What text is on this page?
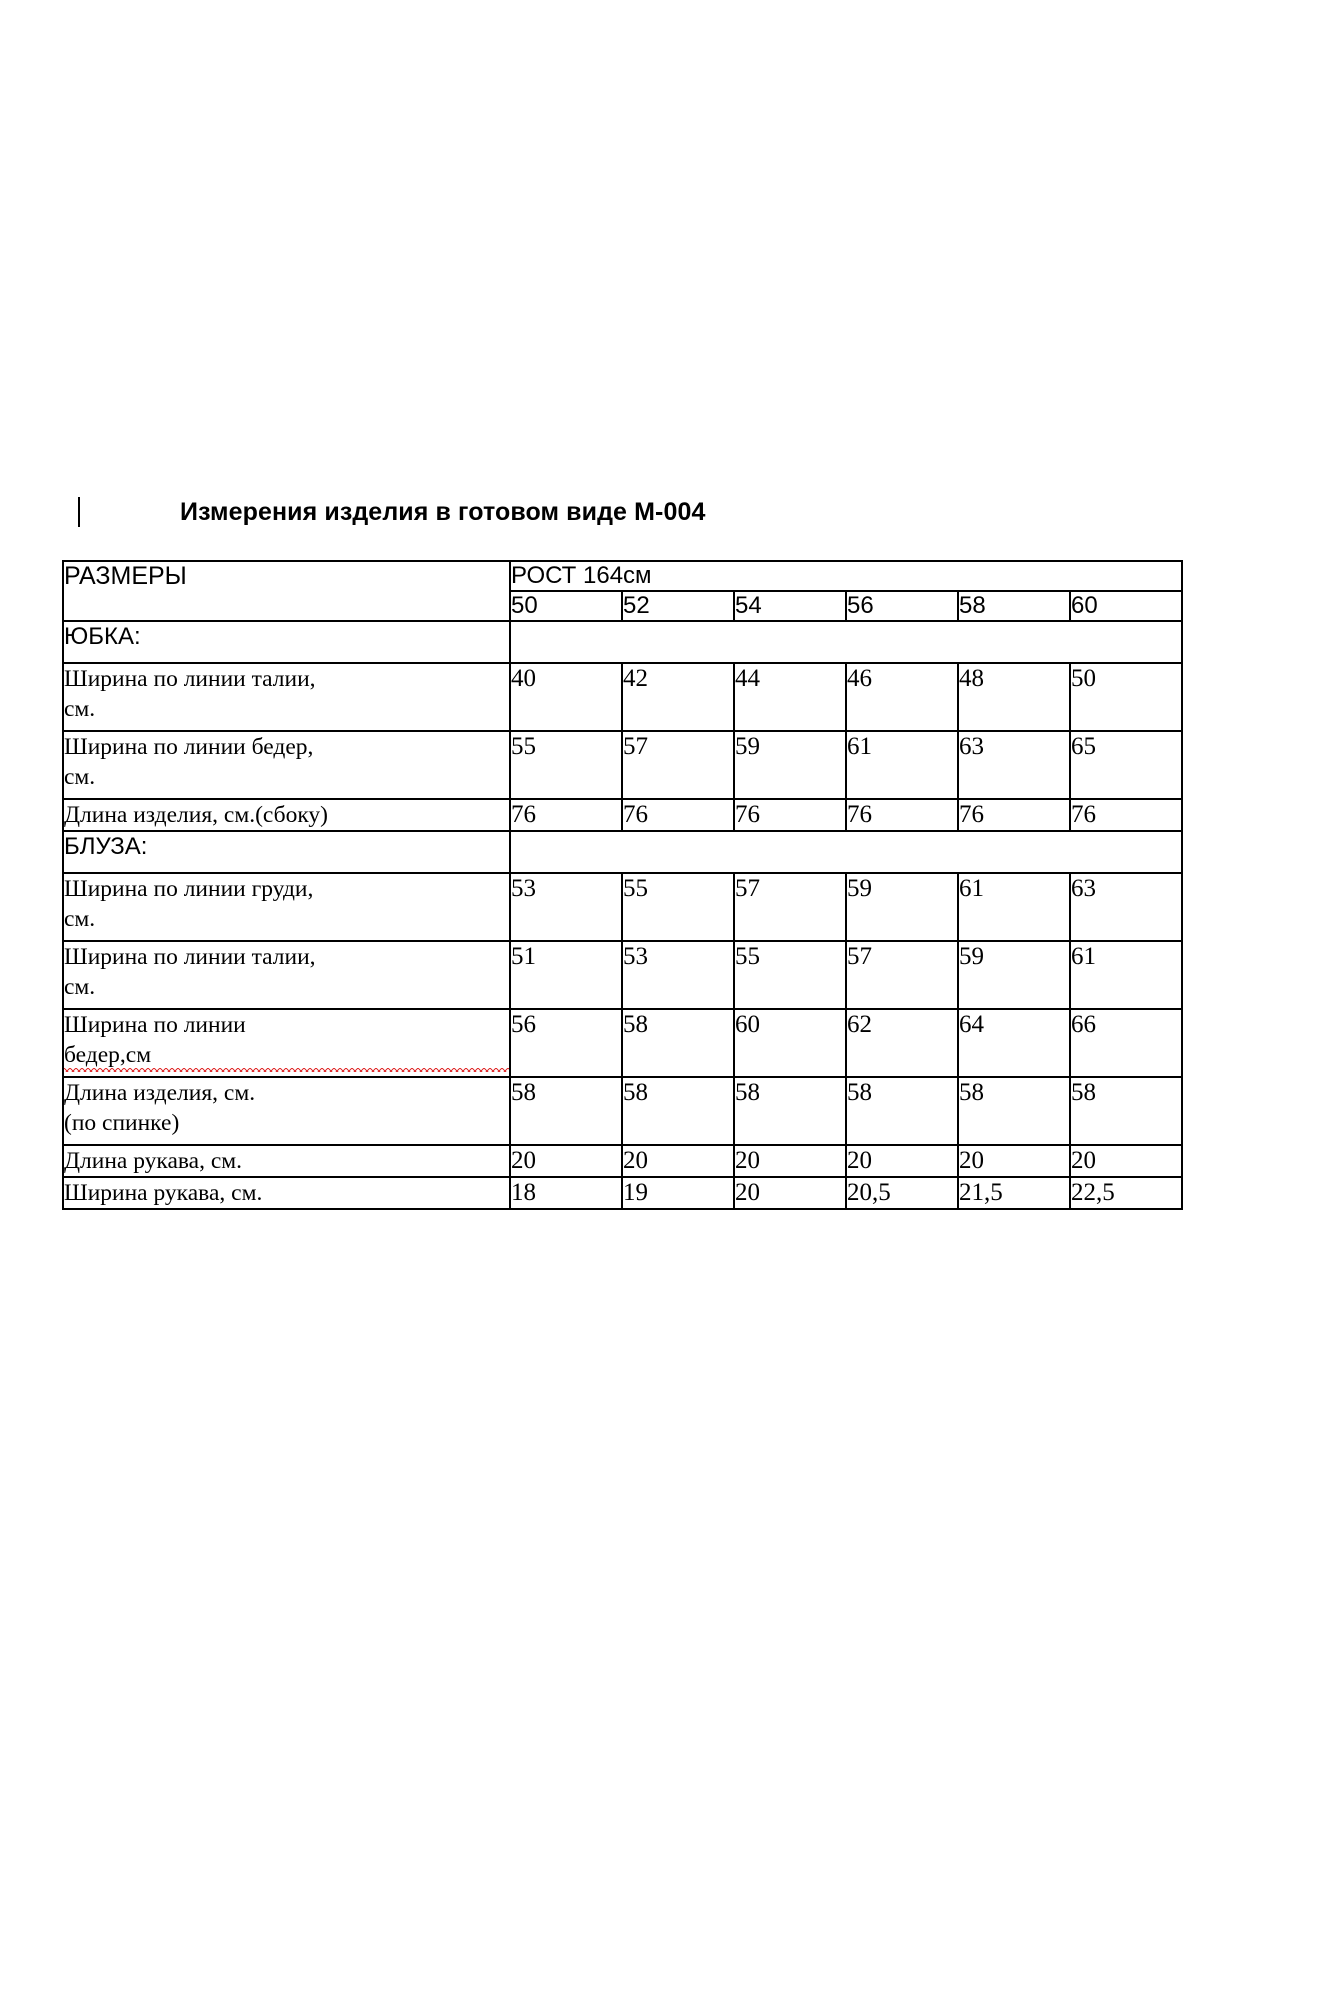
Измерения изделия в готовом виде М-004
РАЗМЕРЫ	РОСТ 164см					
	50	52	54	56	58	60
ЮБКА:						
Ширина по линии талии,
см.	40	42	44	46	48	50
Ширина по линии бедер,
см.	55	57	59	61	63	65
Длина изделия, см.(сбоку)	76	76	76	76	76	76
БЛУЗА:						
Ширина по линии груди,
см.	53	55	57	59	61	63
Ширина по линии талии,
см.	51	53	55	57	59	61
Ширина по линии
бедер,см	56	58	60	62	64	66
Длина изделия, см.
(по спинке)	58	58	58	58	58	58
Длина рукава, см.	20	20	20	20	20	20
Ширина рукава, см.	18	19	20	20,5	21,5	22,5
